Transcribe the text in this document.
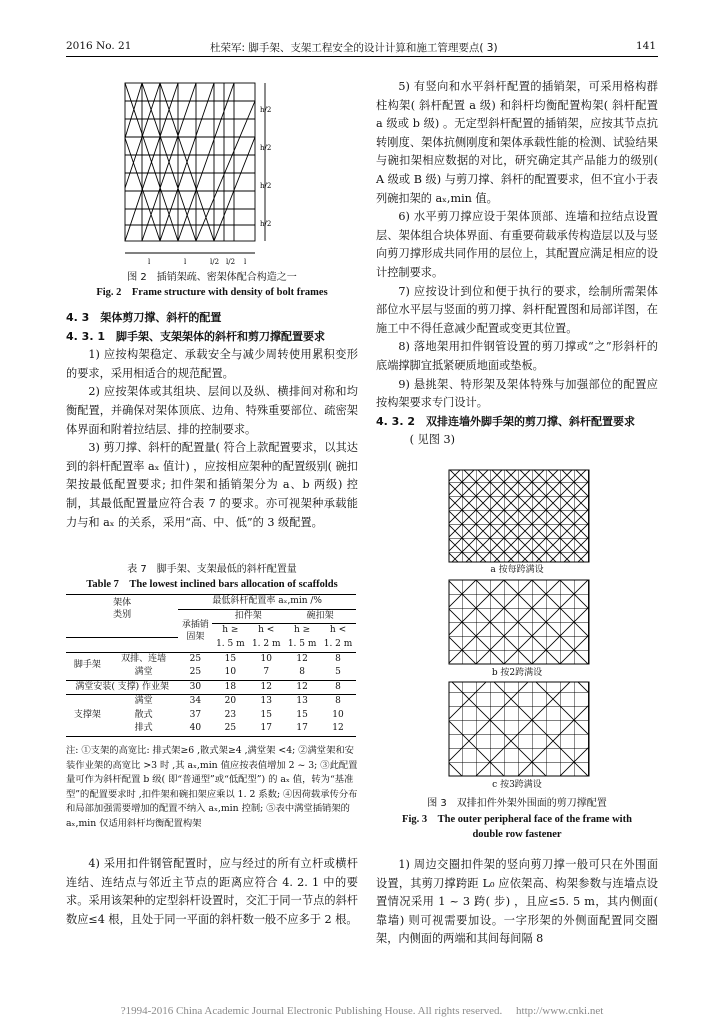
2016 No. 21	杜荣军: 脚手架、支架工程安全的设计计算和施工管理要点( 3)	141
h/2
h/2
h/2
h/2
l	l	l/2 l/2 l
图 2　插销架疏、密架体配合构造之一
Fig. 2　Frame structure with density of bolt frames

4. 3　架体剪刀撑、斜杆的配置

4. 3. 1　脚手架、支架架体的斜杆和剪刀撑配置要求

1) 应按构架稳定、承载安全与减少周转使用累积变形的要求，采用相适合的规范配置。

2) 应按架体或其组块、层间以及纵、横排间对称和均衡配置，并确保对架体顶底、边角、特殊重要部位、疏密架体界面和附着拉结层、排的控制要求。

3) 剪刀撑、斜杆的配置量( 符合上款配置要求，以其达到的斜杆配置率 aₓ 值计) ，应按相应架种的配置级别( 碗扣架按最低配置要求; 扣件架和插销架分为 a、b 两级) 控制，其最低配置量应符合表 7 的要求。亦可视架种承载能力与和 aₓ 的关系，采用“高、中、低”的 3 级配置。

表 7　脚手架、支架最低的斜杆配置量
Table 7　The lowest inclined bars allocation of scaffolds
架体
类别		最低斜杆配置率 aₓ,min /%				
		承插销
固架	扣件架		碗扣架	
			h ≥	h <	h ≥	h <
			1. 5 m	1. 2 m	1. 5 m	1. 2 m
脚手架	双排、连墙	25	15	10	12	8
	满堂	25	10	7	8	5
满堂安装( 支撑) 作业架		30	18	12	12	8
支撑架	满堂	34	20	13	13	8
	散式	37	23	15	15	10
	排式	40	25	17	17	12
注: ①支架的高宽比: 排式架≥6 ,散式架≥4 ,满堂架 <4; ②满堂架和安装作业架的高宽比 >3 时 ,其 aₓ,min 值应按表值增加 2 ~ 3; ③此配置量可作为斜杆配置 b 级( 即“普通型”或“低配型”) 的 aₓ 值，转为“基准型”的配置要求时 ,扣件架和碗扣架应乘以 1. 2 系数; ④因荷载承传分布和局部加强需要增加的配置不纳入 aₓ,min 控制; ⑤表中满堂插销架的 aₓ,min 仅适用斜杆均衡配置构架

4) 采用扣件钢管配置时，应与经过的所有立杆或横杆连结、连结点与邻近主节点的距离应符合 4. 2. 1 中的要求。采用该架种的定型斜杆设置时，交汇于同一节点的斜杆数应≤4 根，且处于同一平面的斜杆数一般不应多于 2 根。

5) 有竖向和水平斜杆配置的插销架，可采用格构群柱构架( 斜杆配置 a 级) 和斜杆均衡配置构架( 斜杆配置 a 级或 b 级) 。无定型斜杆配置的插销架，应按其节点抗转刚度、架体抗侧刚度和架体承载性能的检测、试验结果与碗扣架相应数据的对比，研究确定其产品能力的级别( A 级或 B 级) 与剪刀撑、斜杆的配置要求，但不宜小于表列碗扣架的 aₓ,min 值。

6) 水平剪刀撑应设于架体顶部、连墙和拉结点设置层、架体组合块体界面、有重要荷载承传构造层以及与竖向剪刀撑形成共同作用的层位上，其配置应满足相应的设计控制要求。

7) 应按设计到位和便于执行的要求，绘制所需架体部位水平层与竖面的剪刀撑、斜杆配置图和局部详图，在施工中不得任意减少配置或变更其位置。

8) 落地架用扣件钢管设置的剪刀撑或“之”形斜杆的底端撑脚宜抵紧硬质地面或垫板。

9) 悬挑架、特形架及架体特殊与加强部位的配置应按构架要求专门设计。

4. 3. 2　双排连墙外脚手架的剪刀撑、斜杆配置要求

( 见图 3)

a 按每跨满设
b 按2跨满设
c 按3跨满设
图 3　双排扣件外架外围面的剪刀撑配置
Fig. 3　The outer peripheral face of the frame with
double row fastener

1) 周边交圈扣件架的竖向剪刀撑一般可只在外围面设置，其剪刀撑跨距 L₀ 应依架高、构架参数与连墙点设置情况采用 1 ~ 3 跨( 步) ，且应≤5. 5 m，其内侧面( 靠墙) 则可视需要加设。一字形架的外侧面配置同交圈架，内侧面的两端和其间每间隔 8

?1994-2016 China Academic Journal Electronic Publishing House. All rights reserved.　 http://www.cnki.net
